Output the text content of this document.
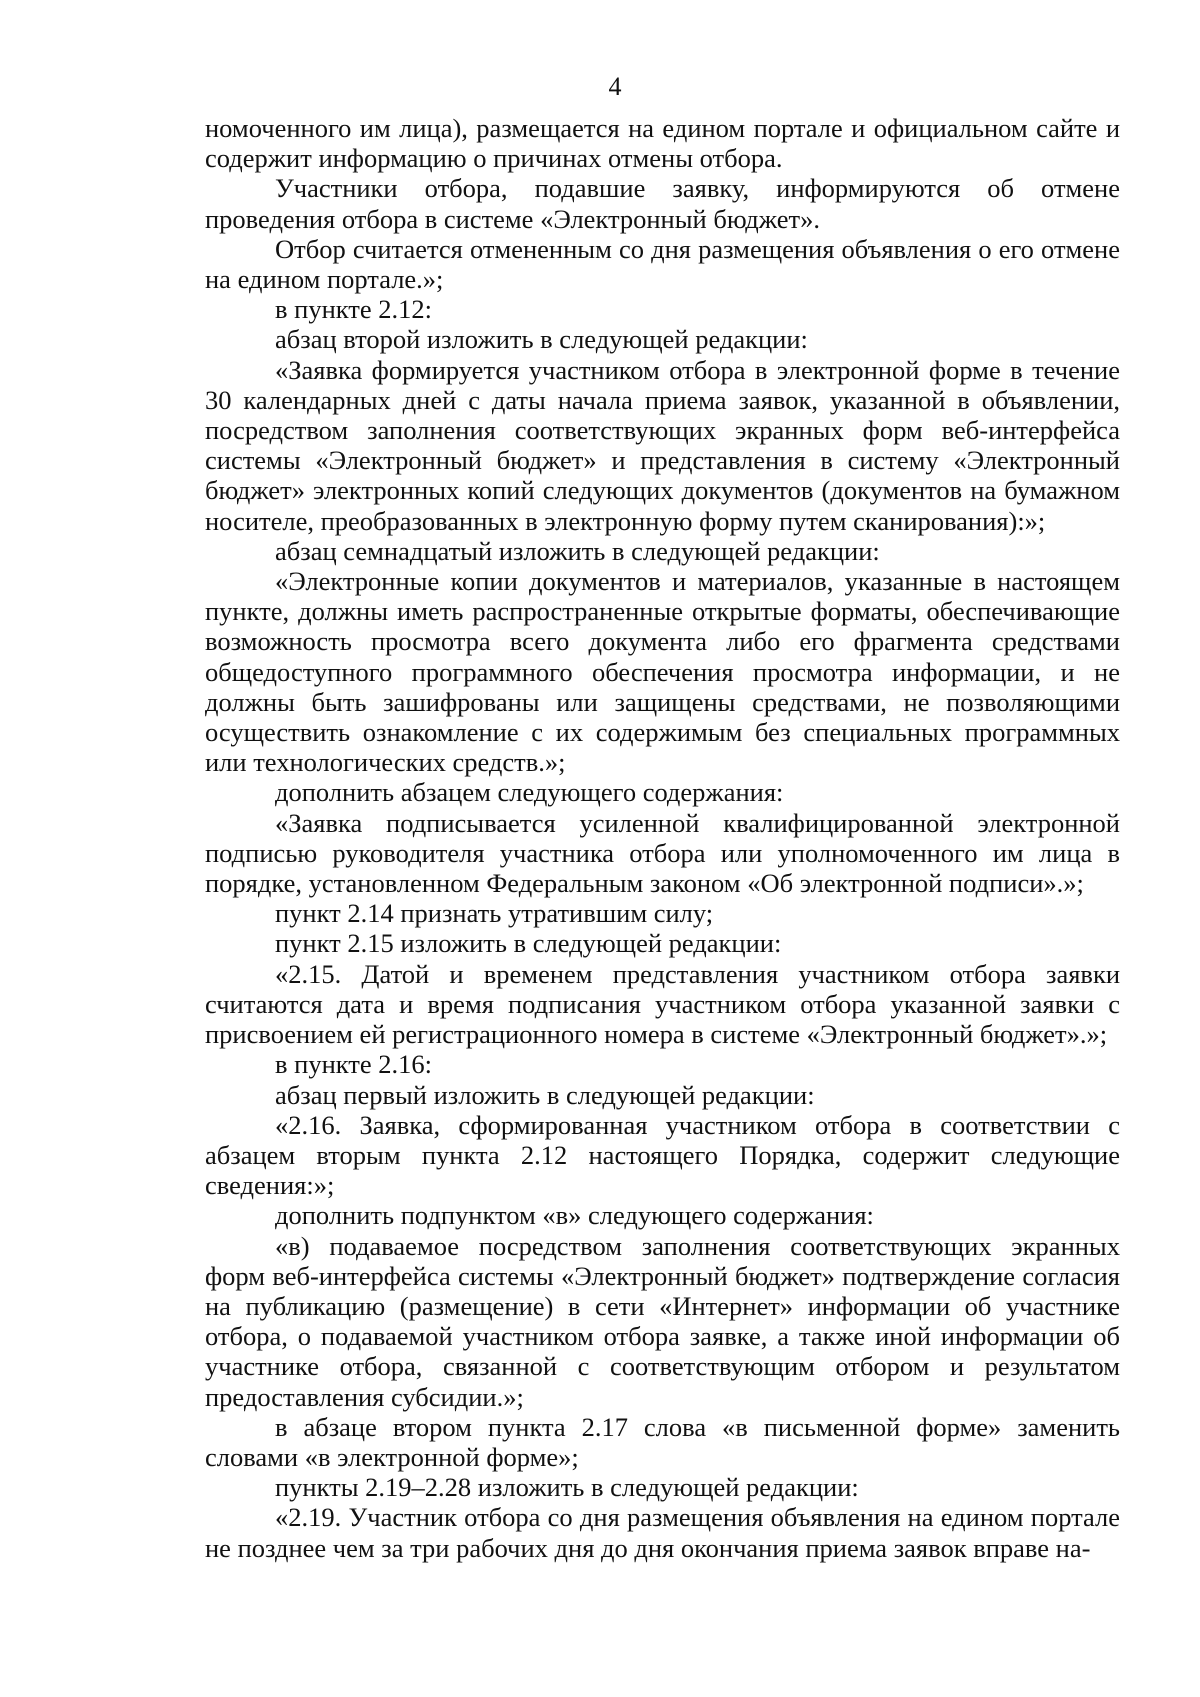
4

номоченного им лица), размещается на едином портале и официальном сайте и содержит информацию о причинах отмены отбора.

Участники отбора, подавшие заявку, информируются об отмене проведения отбора в системе «Электронный бюджет».

Отбор считается отмененным со дня размещения объявления о его отмене на едином портале.»;

в пункте 2.12:

абзац второй изложить в следующей редакции:

«Заявка формируется участником отбора в электронной форме в течение 30 календарных дней с даты начала приема заявок, указанной в объявлении, посредством заполнения соответствующих экранных форм веб-интерфейса системы «Электронный бюджет» и представления в систему «Электронный бюджет» электронных копий следующих документов (документов на бумажном носителе, преобразованных в электронную форму путем сканирования):»;

абзац семнадцатый изложить в следующей редакции:

«Электронные копии документов и материалов, указанные в настоящем пункте, должны иметь распространенные открытые форматы, обеспечивающие возможность просмотра всего документа либо его фрагмента средствами общедоступного программного обеспечения просмотра информации, и не должны быть зашифрованы или защищены средствами, не позволяющими осуществить ознакомление с их содержимым без специальных программных или технологических средств.»;

дополнить абзацем следующего содержания:

«Заявка подписывается усиленной квалифицированной электронной подписью руководителя участника отбора или уполномоченного им лица в порядке, установленном Федеральным законом «Об электронной подписи».»;

пункт 2.14 признать утратившим силу;

пункт 2.15 изложить в следующей редакции:

«2.15. Датой и временем представления участником отбора заявки считаются дата и время подписания участником отбора указанной заявки с присвоением ей регистрационного номера в системе «Электронный бюджет».»;

в пункте 2.16:

абзац первый изложить в следующей редакции:

«2.16. Заявка, сформированная участником отбора в соответствии с абзацем вторым пункта 2.12 настоящего Порядка, содержит следующие сведения:»;

дополнить подпунктом «в» следующего содержания:

«в) подаваемое посредством заполнения соответствующих экранных форм веб-интерфейса системы «Электронный бюджет» подтверждение согласия на публикацию (размещение) в сети «Интернет» информации об участнике отбора, о подаваемой участником отбора заявке, а также иной информации об участнике отбора, связанной с соответствующим отбором и результатом предоставления субсидии.»;

в абзаце втором пункта 2.17 слова «в письменной форме» заменить словами «в электронной форме»;

пункты 2.19–2.28 изложить в следующей редакции:

«2.19. Участник отбора со дня размещения объявления на едином портале не позднее чем за три рабочих дня до дня окончания приема заявок вправе на-
